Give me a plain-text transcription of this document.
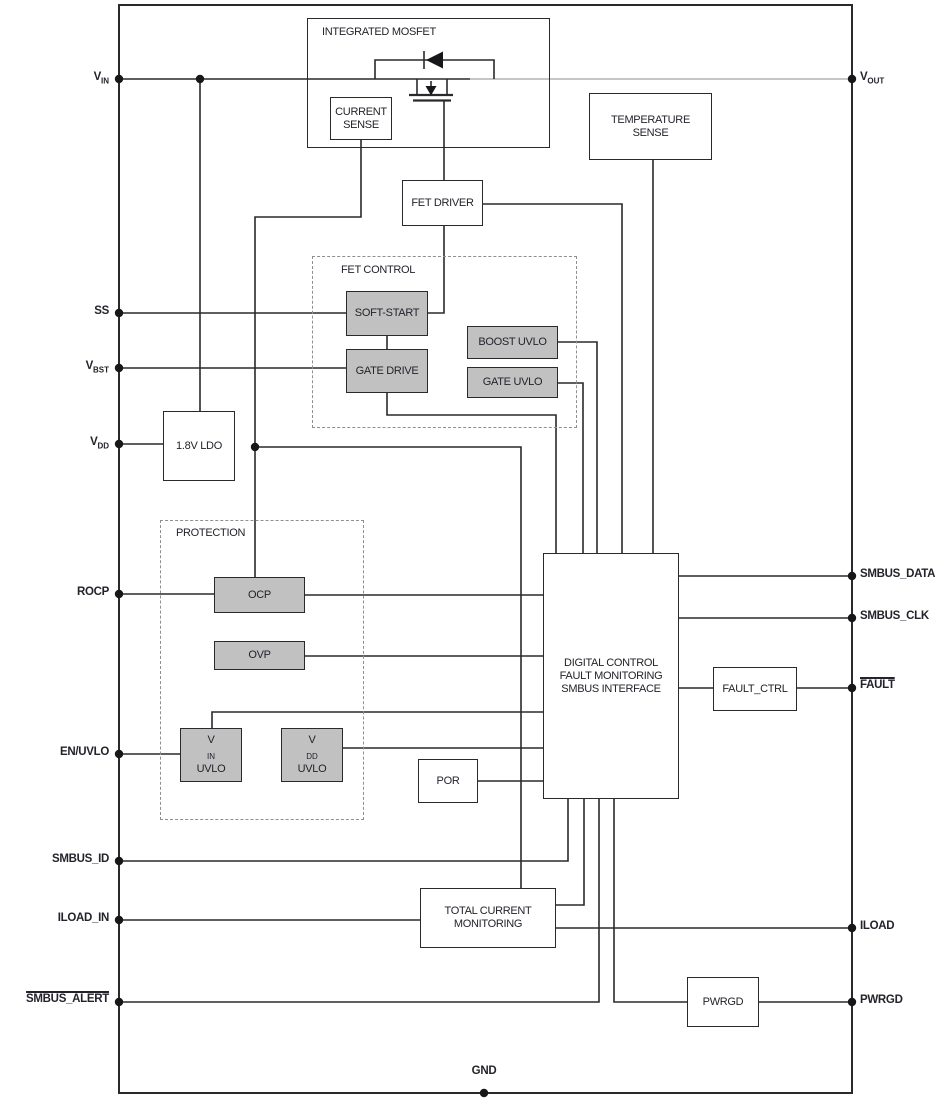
FET CONTROL
PROTECTION
INTEGRATED MOSFET
CURRENT
SENSE	TEMPERATURE
SENSE
FET DRIVER
SOFT-START
GATE DRIVE
BOOST UVLO
GATE UVLO
1.8V LDO
OCP
OVP
V
$_{IN}$
UVLO
V
$_{DD}$
UVLO
DIGITAL CONTROL
FAULT MONITORING
SMBUS INTERFACE	FAULT_CTRL
POR
TOTAL CURRENT
MONITORING
PWRGD
$V_{IN}$
SS
$V_{BST}$
$V_{DD}$
ROCP
EN/UVLO
SMBUS_ID
ILOAD_IN
SMBUS_ALERT
$V_{OUT}$
SMBUS_DATA
SMBUS_CLK
FAULT
ILOAD
PWRGD
GND
